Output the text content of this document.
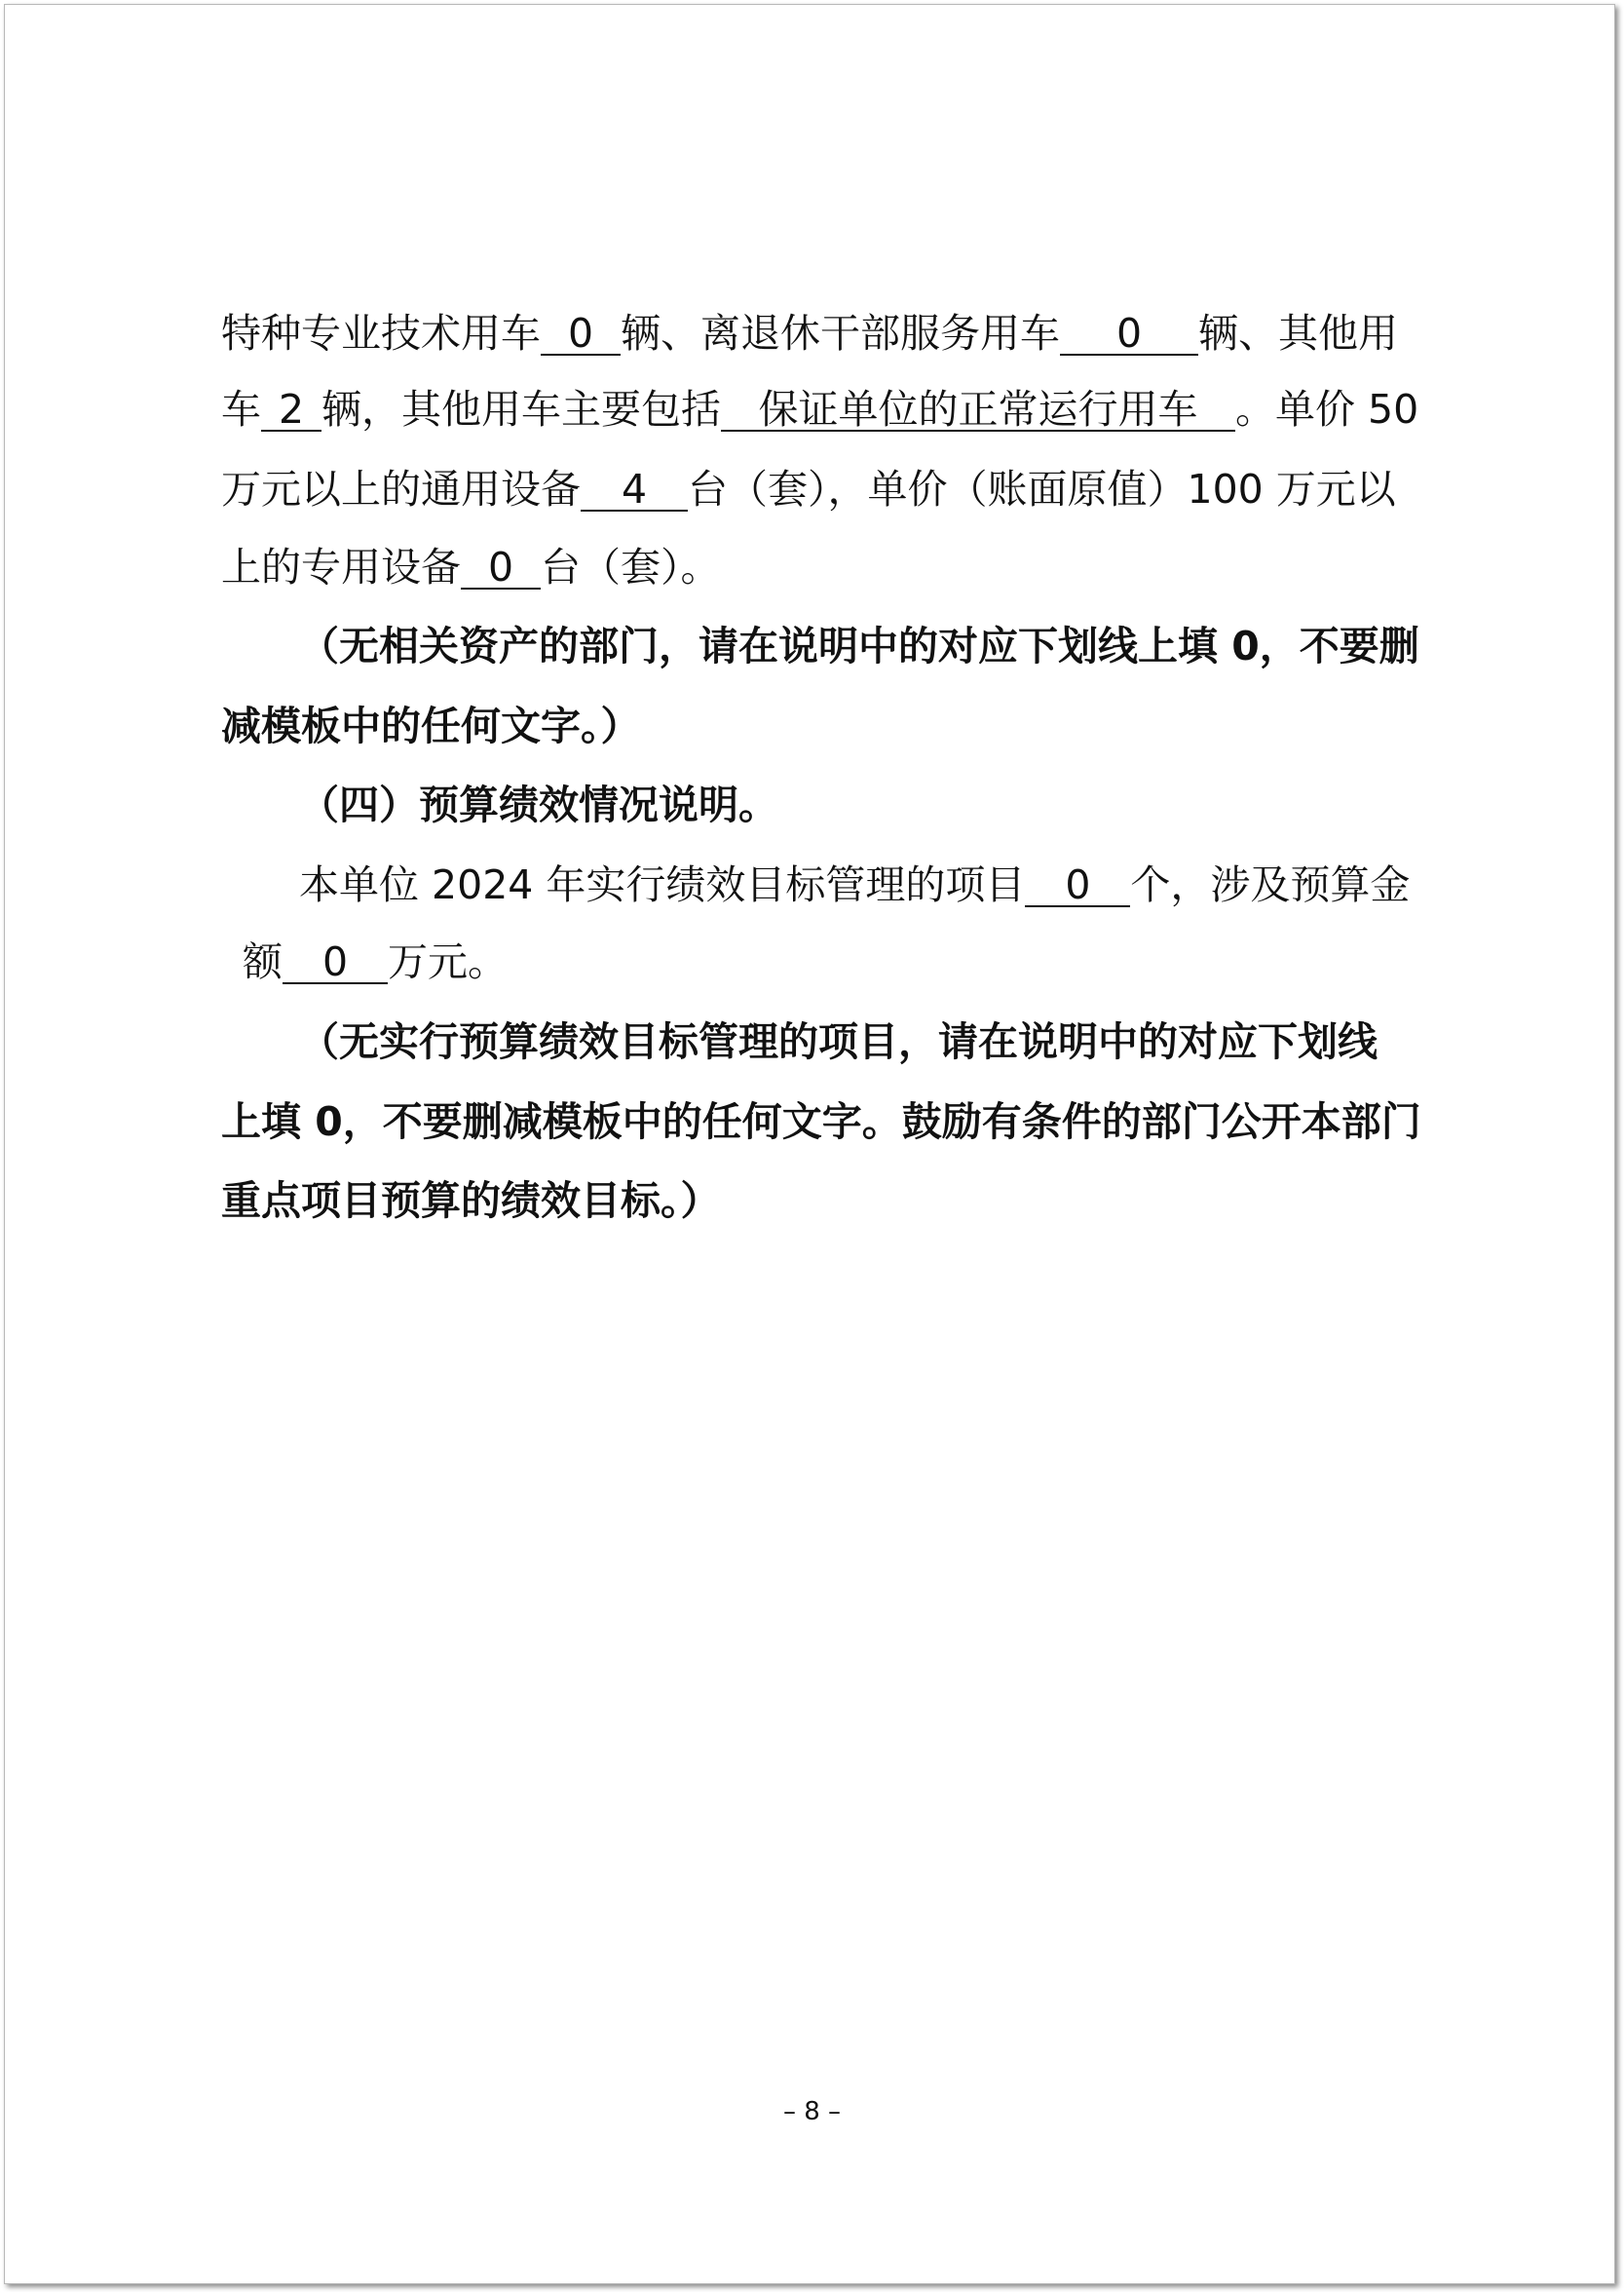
特种专业技术用车 0 辆、离退休干部服务用车 0 辆、其他用
车 2 辆，其他用车主要包括 保证单位的正常运行用车 。单价 50
万元以上的通用设备 4 台（套），单价（账面原值）100 万元以
上的专用设备 0 台（套）。
（无相关资产的部门，请在说明中的对应下划线上填 0，不要删
减模板中的任何文字。）
（四）预算绩效情况说明。
本单位 2024 年实行绩效目标管理的项目 0 个，涉及预算金
额 0 万元。
（无实行预算绩效目标管理的项目，请在说明中的对应下划线
上填 0，不要删减模板中的任何文字。鼓励有条件的部门公开本部门
重点项目预算的绩效目标。）
– 8 –
